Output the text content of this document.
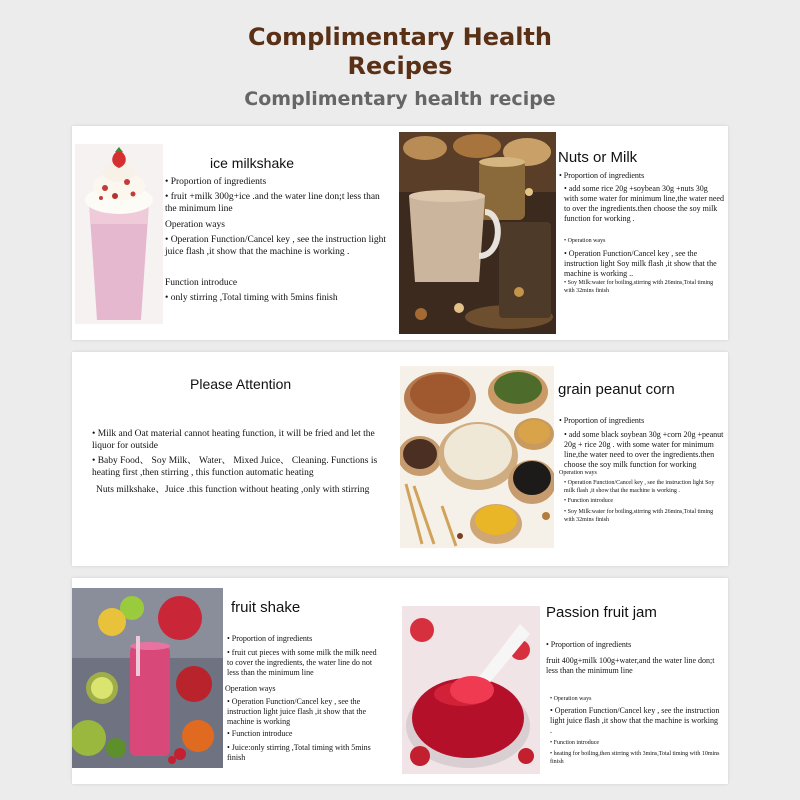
Complimentary Health
Recipes
Complimentary health recipe
ice milkshake
• Proportion of ingredients
• fruit +milk 300g+ice .and the water line don;t less than the minimum line
Operation ways
• Operation Function/Cancel key , see the instruction light juice flash ,it show that the machine is working .
Function introduce
• only stirring ,Total timing with 5mins finish
Nuts or Milk
• Proportion of ingredients
• add some rice 20g +soybean 30g +nuts 30g with some water for minimum line,the water need to over the ingredients.then choose the soy milk function for working .
• Operation ways
• Operation Function/Cancel key , see the instruction light Soy milk flash ,it show that the machine is working ..
• Soy Milk:water for boiling,stirring with 26mins,Total timing with 32mins finish
Please Attention
• Milk and Oat material cannot heating function, it will be fried and let the liquor for outside
• Baby Food、 Soy Milk、 Water、 Mixed Juice、 Cleaning. Functions is heating first ,then stirring , this function automatic heating
Nuts milkshake、Juice .this function without heating ,only with stirring
grain peanut corn
• Proportion of ingredients
• add some black soybean 30g +corn 20g +peanut 20g + rice 20g . with some water for minimum line,the water need to over the ingredients.then choose the soy milk function for working
Operation ways
• Operation Function/Cancel key , see the instruction light Soy milk flash ,it show that the machine is working .
• Function introduce
• Soy Milk:water for boiling,stirring with 26mins,Total timing with 32mins finish
fruit shake
• Proportion of ingredients
• fruit cut pieces with some milk the milk need to cover the ingredients, the water line do not less than the minimum line
Operation ways
• Operation Function/Cancel key , see the instruction light juice flash ,it show that the machine is working
• Function introduce
• Juice:only stirring ,Total timing with 5mins finish
Passion fruit jam
• Proportion of ingredients
fruit 400g+milk 100g+water,and the water line don;t less than the minimum line
• Operation ways
• Operation Function/Cancel key , see the instruction light juice flash ,it show that the machine is working .
• Function introduce
• heating for boiling,then stirring with 3mins,Total timing with 10mins finish
